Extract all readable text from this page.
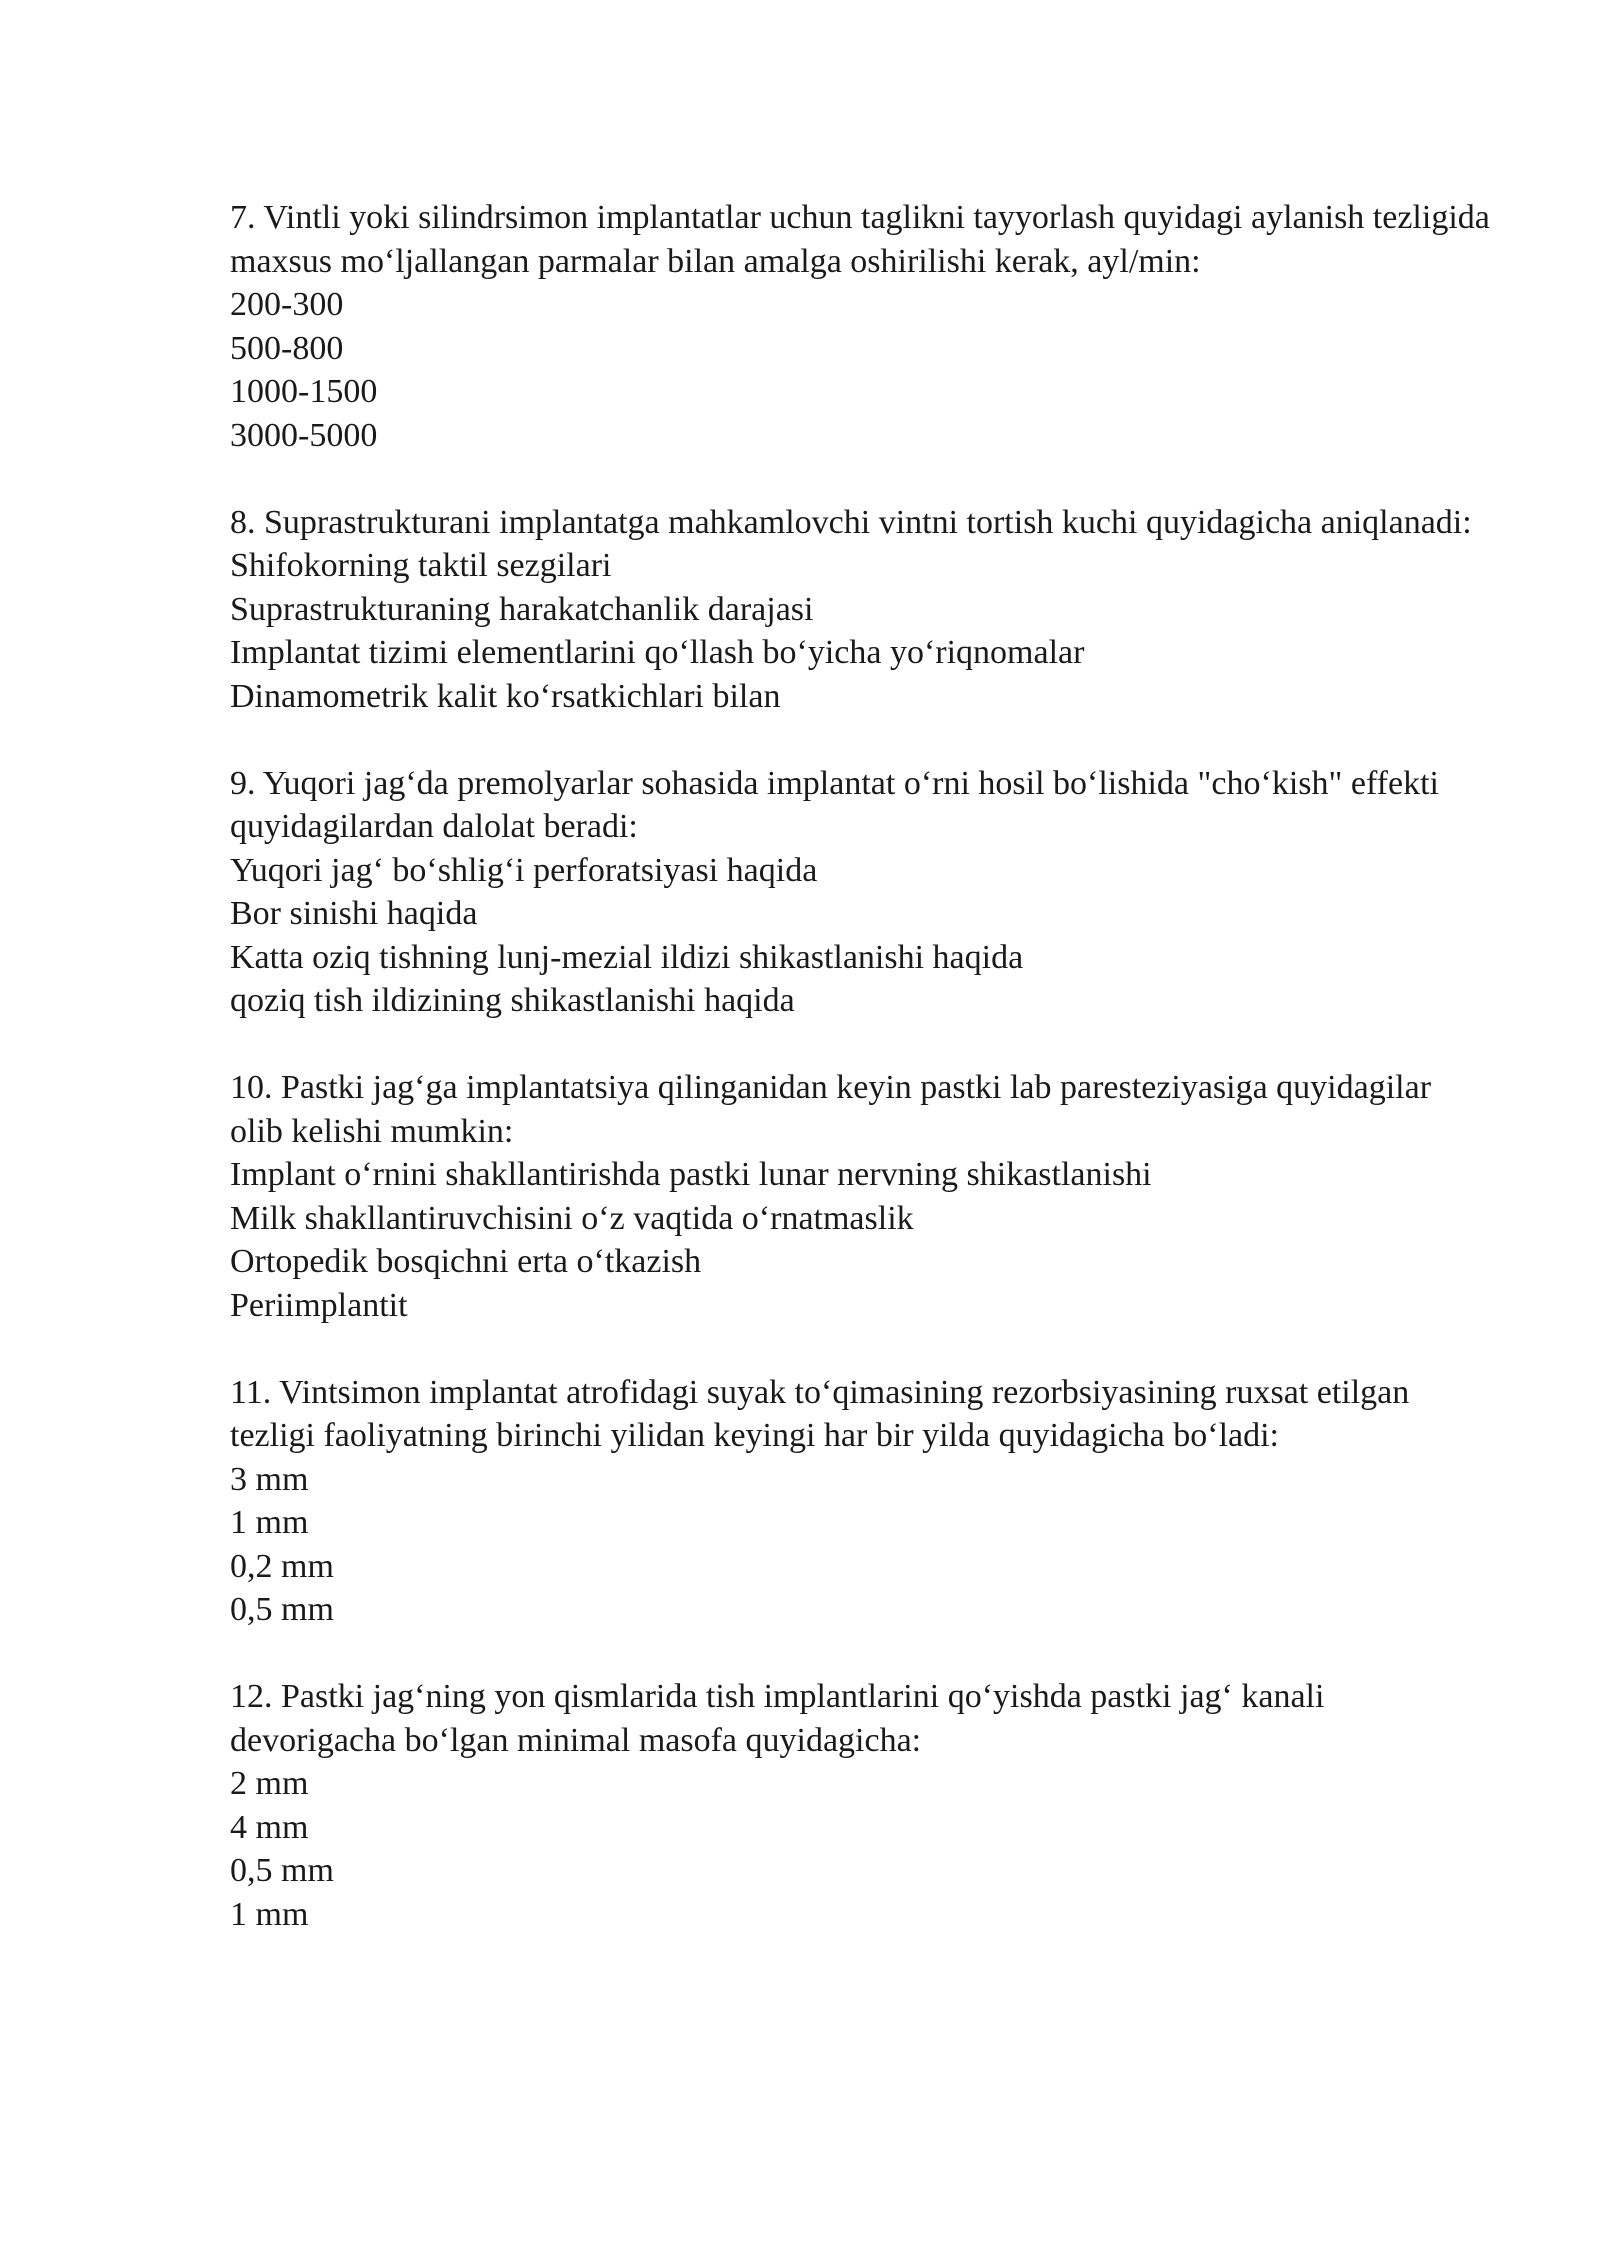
7. Vintli yoki silindrsimon implantatlar uchun taglikni tayyorlash quyidagi aylanish tezligida maxsus mo‘ljallangan parmalar bilan amalga oshirilishi kerak, ayl/min:

200-300

500-800

1000-1500

3000-5000

8. Suprastrukturani implantatga mahkamlovchi vintni tortish kuchi quyidagicha aniqlanadi:

Shifokorning taktil sezgilari

Suprastrukturaning harakatchanlik darajasi

Implantat tizimi elementlarini qo‘llash bo‘yicha yo‘riqnomalar

Dinamometrik kalit ko‘rsatkichlari bilan

9. Yuqori jag‘da premolyarlar sohasida implantat o‘rni hosil bo‘lishida "cho‘kish" effekti quyidagilardan dalolat beradi:

Yuqori jag‘ bo‘shlig‘i perforatsiyasi haqida

Bor sinishi haqida

Katta oziq tishning lunj-mezial ildizi shikastlanishi haqida

qoziq tish ildizining shikastlanishi haqida

10. Pastki jag‘ga implantatsiya qilinganidan keyin pastki lab paresteziyasiga quyidagilar olib kelishi mumkin:

Implant o‘rnini shakllantirishda pastki lunar nervning shikastlanishi

Milk shakllantiruvchisini o‘z vaqtida o‘rnatmaslik

Ortopedik bosqichni erta o‘tkazish

Periimplantit

11. Vintsimon implantat atrofidagi suyak to‘qimasining rezorbsiyasining ruxsat etilgan tezligi faoliyatning birinchi yilidan keyingi har bir yilda quyidagicha bo‘ladi:

3 mm

1 mm

0,2 mm

0,5 mm

12. Pastki jag‘ning yon qismlarida tish implantlarini qo‘yishda pastki jag‘ kanali devorigacha bo‘lgan minimal masofa quyidagicha:

2 mm

4 mm

0,5 mm

1 mm
